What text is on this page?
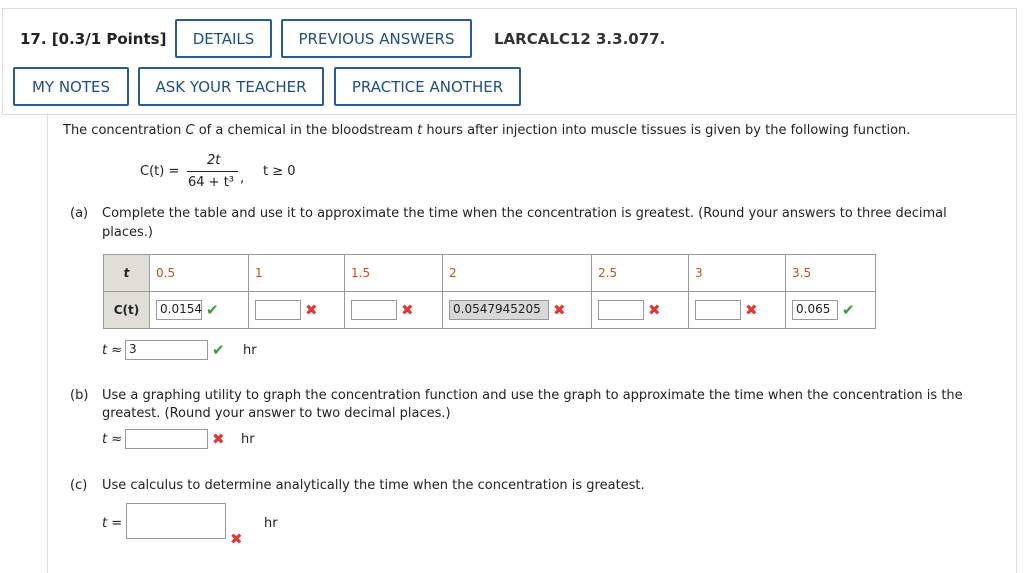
17. [0.3/1 Points]	DETAILS	PREVIOUS ANSWERS	LARCALC12 3.3.077.
MY NOTES	ASK YOUR TEACHER	PRACTICE ANOTHER
The concentration C of a chemical in the bloodstream t hours after injection into muscle tissues is given by the following function.
C(t) =
2t
64 + t³ , t ≥ 0
(a) Complete the table and use it to approximate the time when the concentration is greatest. (Round your answers to three decimal
places.)
t	0.5	1	1.5	2	2.5	3	3.5
C(t)	0.0154 ✔	✖	✖	0.0547945205 ✖	✖	✖	0.065 ✔
t ≈ 3	✔ hr
(b) Use a graphing utility to graph the concentration function and use the graph to approximate the time when the concentration is the
greatest. (Round your answer to two decimal places.)
t ≈	✖ hr
(c) Use calculus to determine analytically the time when the concentration is greatest.
t =
✖
hr
